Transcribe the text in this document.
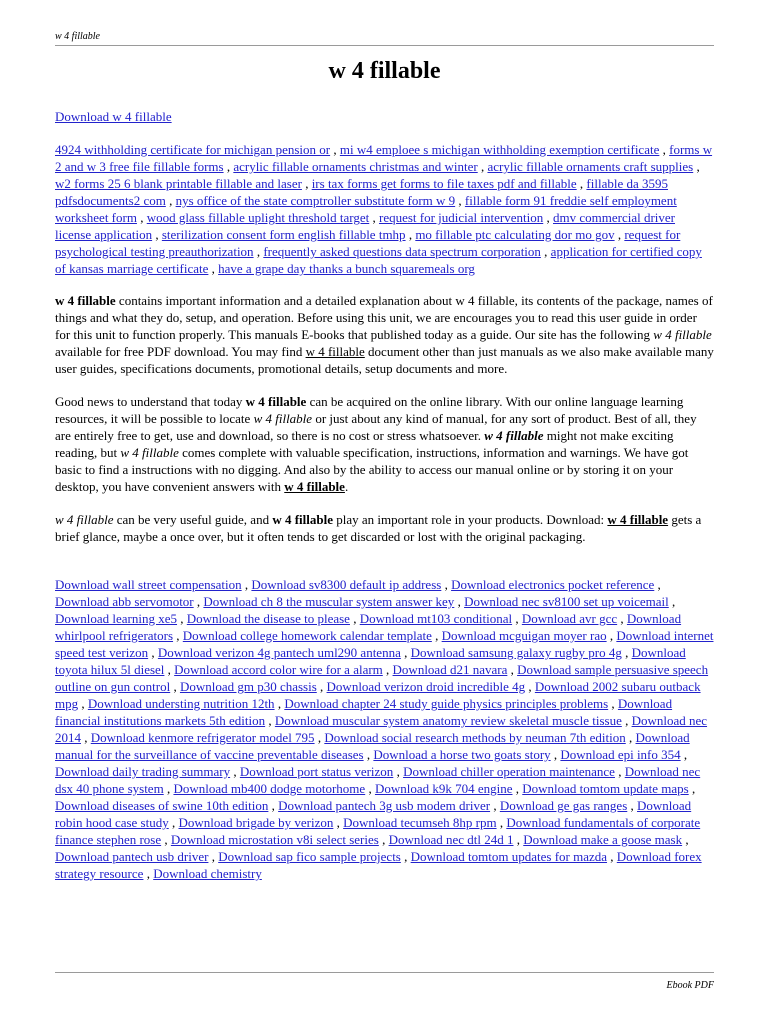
w 4 fillable
w 4 fillable

Download w 4 fillable

4924 withholding certificate for michigan pension or , mi w4 emploee s michigan withholding exemption certificate , forms w 2 and w 3 free file fillable forms , acrylic fillable ornaments christmas and winter , acrylic fillable ornaments craft supplies , w2 forms 25 6 blank printable fillable and laser , irs tax forms get forms to file taxes pdf and fillable , fillable da 3595 pdfsdocuments2 com , nys office of the state comptroller substitute form w 9 , fillable form 91 freddie self employment worksheet form , wood glass fillable uplight threshold target , request for judicial intervention , dmv commercial driver license application , sterilization consent form english fillable tmhp , mo fillable ptc calculating dor mo gov , request for psychological testing preauthorization , frequently asked questions data spectrum corporation , application for certified copy of kansas marriage certificate , have a grape day thanks a bunch squaremeals org

w 4 fillable contains important information and a detailed explanation about w 4 fillable, its contents of the package, names of things and what they do, setup, and operation. Before using this unit, we are encourages you to read this user guide in order for this unit to function properly. This manuals E-books that published today as a guide. Our site has the following w 4 fillable available for free PDF download. You may find w 4 fillable document other than just manuals as we also make available many user guides, specifications documents, promotional details, setup documents and more.

Good news to understand that today w 4 fillable can be acquired on the online library. With our online language learning resources, it will be possible to locate w 4 fillable or just about any kind of manual, for any sort of product. Best of all, they are entirely free to get, use and download, so there is no cost or stress whatsoever. w 4 fillable might not make exciting reading, but w 4 fillable comes complete with valuable specification, instructions, information and warnings. We have got basic to find a instructions with no digging. And also by the ability to access our manual online or by storing it on your desktop, you have convenient answers with w 4 fillable.

w 4 fillable can be very useful guide, and w 4 fillable play an important role in your products. Download: w 4 fillable gets a brief glance, maybe a once over, but it often tends to get discarded or lost with the original packaging.

Download wall street compensation , Download sv8300 default ip address , Download electronics pocket reference , Download abb servomotor , Download ch 8 the muscular system answer key , Download nec sv8100 set up voicemail , Download learning xe5 , Download the disease to please , Download mt103 conditional , Download avr gcc , Download whirlpool refrigerators , Download college homework calendar template , Download mcguigan moyer rao , Download internet speed test verizon , Download verizon 4g pantech uml290 antenna , Download samsung galaxy rugby pro 4g , Download toyota hilux 5l diesel , Download accord color wire for a alarm , Download d21 navara , Download sample persuasive speech outline on gun control , Download gm p30 chassis , Download verizon droid incredible 4g , Download 2002 subaru outback mpg , Download understing nutrition 12th , Download chapter 24 study guide physics principles problems , Download financial institutions markets 5th edition , Download muscular system anatomy review skeletal muscle tissue , Download nec 2014 , Download kenmore refrigerator model 795 , Download social research methods by neuman 7th edition , Download manual for the surveillance of vaccine preventable diseases , Download a horse two goats story , Download epi info 354 , Download daily trading summary , Download port status verizon , Download chiller operation maintenance , Download nec dsx 40 phone system , Download mb400 dodge motorhome , Download k9k 704 engine , Download tomtom update maps , Download diseases of swine 10th edition , Download pantech 3g usb modem driver , Download ge gas ranges , Download robin hood case study , Download brigade by verizon , Download tecumseh 8hp rpm , Download fundamentals of corporate finance stephen rose , Download microstation v8i select series , Download nec dtl 24d 1 , Download make a goose mask , Download pantech usb driver , Download sap fico sample projects , Download tomtom updates for mazda , Download forex strategy resource , Download chemistry

Ebook PDF
